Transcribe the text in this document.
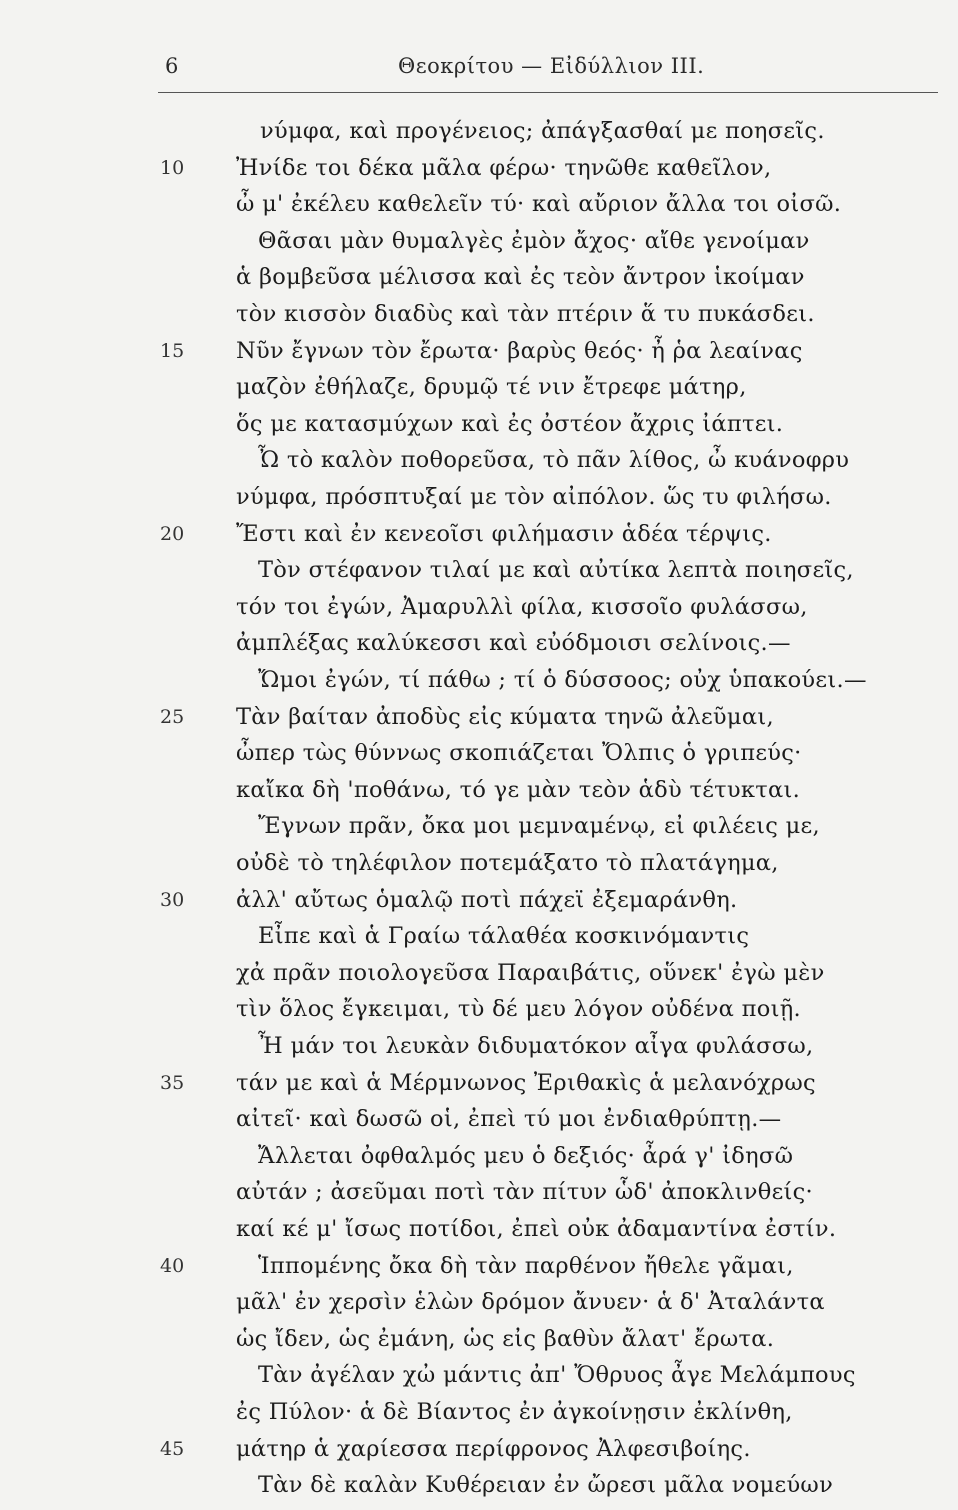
6	Θεοκρίτου — Εἰδύλλιον ΙΙΙ.
νύμφα, καὶ προγένειος; ἀπάγξασθαί με ποησεῖς.
10	Ἠνίδε τοι δέκα μᾶλα φέρω· τηνῶθε καθεῖλον,
ὦ μ' ἐκέλευ καθελεῖν τύ· καὶ αὔριον ἄλλα τοι οἰσῶ.
Θᾶσαι μὰν θυμαλγὲς ἐμὸν ἄχος· αἴθε γενοίμαν
ἁ βομβεῦσα μέλισσα καὶ ἐς τεὸν ἄντρον ἱκοίμαν
τὸν κισσὸν διαδὺς καὶ τὰν πτέριν ἅ τυ πυκάσδει.
15	Νῦν ἔγνων τὸν ἔρωτα· βαρὺς θεός· ἦ ῥα λεαίνας
μαζὸν ἐθήλαζε, δρυμῷ τέ νιν ἔτρεφε μάτηρ,
ὅς με κατασμύχων καὶ ἐς ὀστέον ἄχρις ἰάπτει.
Ὦ τὸ καλὸν ποθορεῦσα, τὸ πᾶν λίθος, ὦ κυάνοφρυ
νύμφα, πρόσπτυξαί με τὸν αἰπόλον. ὥς τυ φιλήσω.
20	Ἔστι καὶ ἐν κενεοῖσι φιλήμασιν ἁδέα τέρψις.
Τὸν στέφανον τιλαί με καὶ αὐτίκα λεπτὰ ποιησεῖς,
τόν τοι ἐγών, Ἀμαρυλλὶ φίλα, κισσοῖο φυλάσσω,
ἀμπλέξας καλύκεσσι καὶ εὐόδμοισι σελίνοις.—
Ὤμοι ἐγών, τί πάθω ; τί ὁ δύσσοος; οὐχ ὑπακούει.—
25	Τὰν βαίταν ἀποδὺς εἰς κύματα τηνῶ ἀλεῦμαι,
ὦπερ τὼς θύννως σκοπιάζεται Ὄλπις ὁ γριπεύς·
καἴκα δὴ 'ποθάνω, τό γε μὰν τεὸν ἁδὺ τέτυκται.
Ἔγνων πρᾶν, ὄκα μοι μεμναμένῳ, εἰ φιλέεις με,
οὐδὲ τὸ τηλέφιλον ποτεμάξατο τὸ πλατάγημα,
30	ἀλλ' αὔτως ὁμαλῷ ποτὶ πάχεϊ ἐξεμαράνθη.
Εἶπε καὶ ἁ Γραίω τάλαθέα κοσκινόμαντις
χἀ πρᾶν ποιολογεῦσα Παραιβάτις, οὕνεκ' ἐγὼ μὲν
τὶν ὅλος ἔγκειμαι, τὺ δέ μευ λόγον οὐδένα ποιῇ.
Ἦ μάν τοι λευκὰν διδυματόκον αἶγα φυλάσσω,
35	τάν με καὶ ἁ Μέρμνωνος Ἐριθακὶς ἁ μελανόχρως
αἰτεῖ· καὶ δωσῶ οἱ, ἐπεὶ τύ μοι ἐνδιαθρύπτῃ.—
Ἄλλεται ὀφθαλμός μευ ὁ δεξιός· ἆρά γ' ἰδησῶ
αὐτάν ; ἀσεῦμαι ποτὶ τὰν πίτυν ὧδ' ἀποκλινθείς·
καί κέ μ' ἴσως ποτίδοι, ἐπεὶ οὐκ ἀδαμαντίνα ἐστίν.
40	Ἱππομένης ὄκα δὴ τὰν παρθένον ἤθελε γᾶμαι,
μᾶλ' ἐν χερσὶν ἑλὼν δρόμον ἄνυεν· ἁ δ' Ἀταλάντα
ὡς ἴδεν, ὡς ἐμάνη, ὡς εἰς βαθὺν ἄλατ' ἔρωτα.
Τὰν ἀγέλαν χὠ μάντις ἀπ' Ὄθρυος ἆγε Μελάμπους
ἐς Πύλον· ἁ δὲ Βίαντος ἐν ἀγκοίνῃσιν ἐκλίνθη,
45	μάτηρ ἁ χαρίεσσα περίφρονος Ἀλφεσιβοίης.
Τὰν δὲ καλὰν Κυθέρειαν ἐν ὤρεσι μᾶλα νομεύων
